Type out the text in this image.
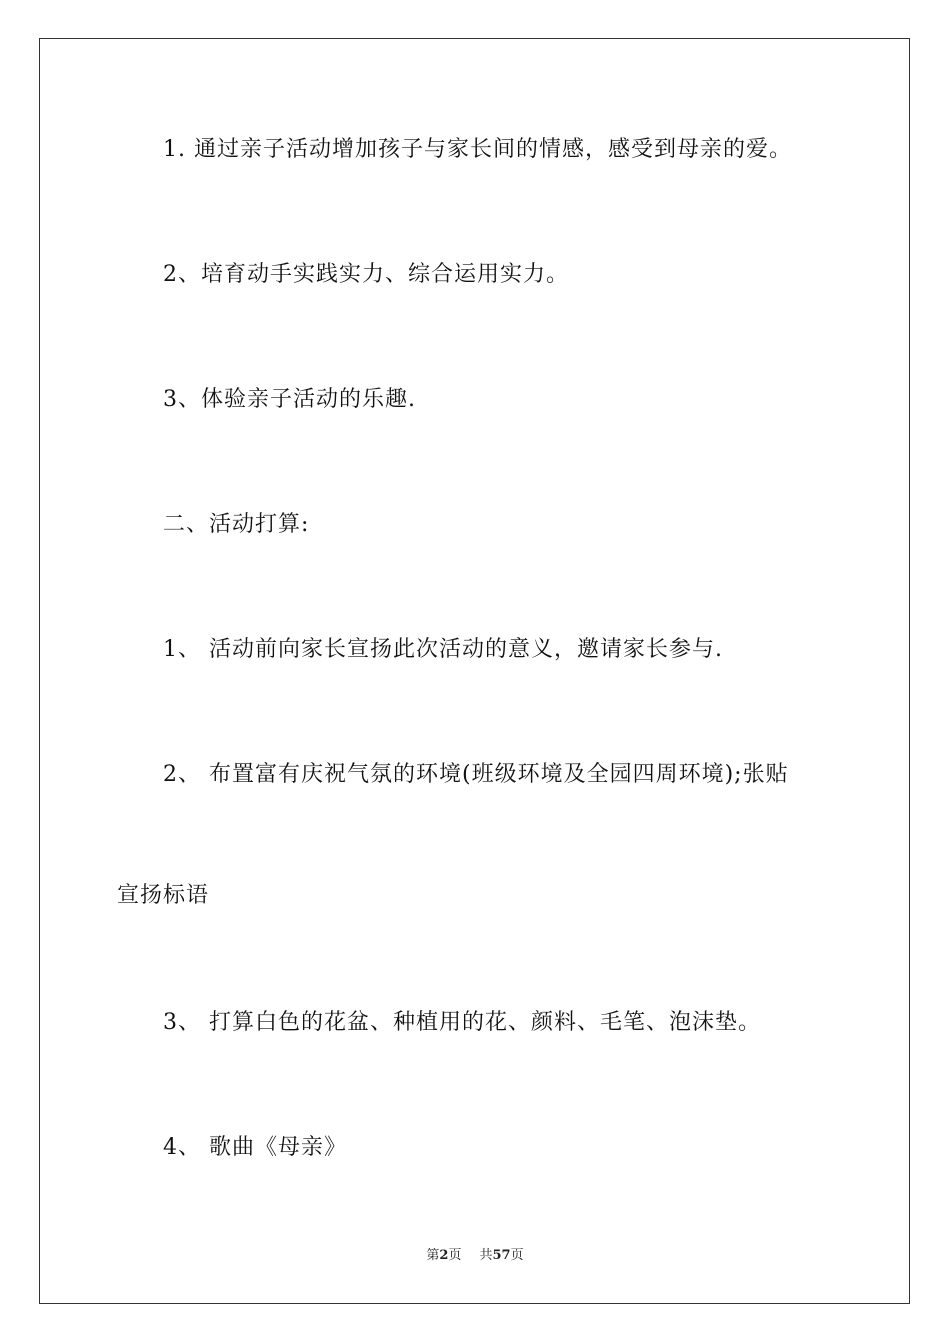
1. 通过亲子活动增加孩子与家长间的情感，感受到母亲的爱。
2、培育动手实践实力、综合运用实力。
3、体验亲子活动的乐趣.
二、活动打算:
1、 活动前向家长宣扬此次活动的意义，邀请家长参与.
2、 布置富有庆祝气氛的环境(班级环境及全园四周环境);张贴
宣扬标语
3、 打算白色的花盆、种植用的花、颜料、毛笔、泡沫垫。
4、 歌曲《母亲》
第2页 共57页
